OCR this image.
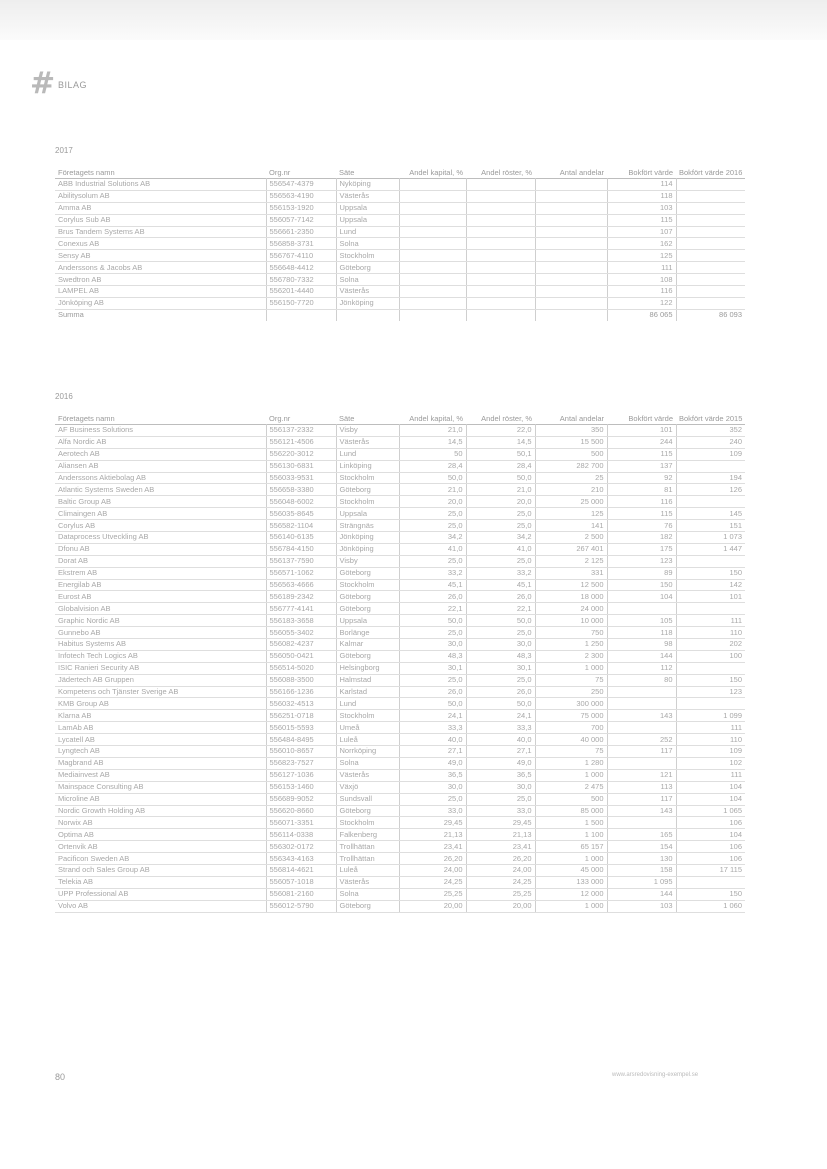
# BILAG
2017
Företagets namn	Org.nr	Säte	Andel kapital, %	Andel röster, %	Antal andelar	Bokfört värde	Bokfört värde 2016
ABB Industrial Solutions AB	556547-4379	Nyköping				114	
Abilitysolum AB	556563-4190	Västerås				118	
Amma AB	556153-1920	Uppsala				103	
Corylus Sub AB	556057-7142	Uppsala				115	
Brus Tandem Systems AB	556661-2350	Lund				107	
Conexus AB	556858-3731	Solna				162	
Sensy AB	556767-4110	Stockholm				125	
Anderssons & Jacobs AB	556648-4412	Göteborg				111	
Swedtron AB	556780-7332	Solna				108	
LAMPEL AB	556201-4440	Västerås				116	
Jönköping AB	556150-7720	Jönköping				122	
Summa						86 065	86 093
2016
Företagets namn	Org.nr	Säte	Andel kapital, %	Andel röster, %	Antal andelar	Bokfört värde	Bokfört värde 2015
AF Business Solutions	556137-2332	Visby	21,0	22,0	350	101	352
Alfa Nordic AB	556121-4506	Västerås	14,5	14,5	15 500	244	240
Aerotech AB	556220-3012	Lund	50	50,1	500	115	109
Aliansen AB	556130-6831	Linköping	28,4	28,4	282 700	137	
Anderssons Aktiebolag AB	556033-9531	Stockholm	50,0	50,0	25	92	194
Atlantic Systems Sweden AB	556658-3380	Göteborg	21,0	21,0	210	81	126
Baltic Group AB	556048-6002	Stockholm	20,0	20,0	25 000	116	
Climaingen AB	556035-8645	Uppsala	25,0	25,0	125	115	145
Corylus AB	556582-1104	Strängnäs	25,0	25,0	141	76	151
Dataprocess Utveckling AB	556140-6135	Jönköping	34,2	34,2	2 500	182	1 073
Dfonu AB	556784-4150	Jönköping	41,0	41,0	267 401	175	1 447
Dorat AB	556137-7590	Visby	25,0	25,0	2 125	123	
Ekstrem AB	556571-1062	Göteborg	33,2	33,2	331	89	150
Energilab AB	556563-4666	Stockholm	45,1	45,1	12 500	150	142
Eurost AB	556189-2342	Göteborg	26,0	26,0	18 000	104	101
Globalvision AB	556777-4141	Göteborg	22,1	22,1	24 000		
Graphic Nordic AB	556183-3658	Uppsala	50,0	50,0	10 000	105	111
Gunnebo AB	556055-3402	Borlänge	25,0	25,0	750	118	110
Habitus Systems AB	556082-4237	Kalmar	30,0	30,0	1 250	98	202
Infotech Tech Logics AB	556050-0421	Göteborg	48,3	48,3	2 300	144	100
ISIC Ranieri Security AB	556514-5020	Helsingborg	30,1	30,1	1 000	112	
Jädertech AB Gruppen	556088-3500	Halmstad	25,0	25,0	75	80	150
Kompetens och Tjänster Sverige AB	556166-1236	Karlstad	26,0	26,0	250		123
KMB Group AB	556032-4513	Lund	50,0	50,0	300 000		
Klarna AB	556251-0718	Stockholm	24,1	24,1	75 000	143	1 099
LamAb AB	556015-5593	Umeå	33,3	33,3	700		111
Lycatell AB	556484-8495	Luleå	40,0	40,0	40 000	252	110
Lyngtech AB	556010-8657	Norrköping	27,1	27,1	75	117	109
Magbrand AB	556823-7527	Solna	49,0	49,0	1 280		102
Mediainvest AB	556127-1036	Västerås	36,5	36,5	1 000	121	111
Mainspace Consulting AB	556153-1460	Växjö	30,0	30,0	2 475	113	104
Microline AB	556689-9052	Sundsvall	25,0	25,0	500	117	104
Nordic Growth Holding AB	556620-8660	Göteborg	33,0	33,0	85 000	143	1 065
Norwix AB	556071-3351	Stockholm	29,45	29,45	1 500		106
Optima AB	556114-0338	Falkenberg	21,13	21,13	1 100	165	104
Ortenvik AB	556302-0172	Trollhättan	23,41	23,41	65 157	154	106
Pacificon Sweden AB	556343-4163	Trollhättan	26,20	26,20	1 000	130	106
Strand och Sales Group AB	556814-4621	Luleå	24,00	24,00	45 000	158	17 115
Telekia AB	556057-1018	Västerås	24,25	24,25	133 000	1 095	
UPP Professional AB	556081-2160	Solna	25,25	25,25	12 000	144	150
Volvo AB	556012-5790	Göteborg	20,00	20,00	1 000	103	1 060
80	www.arsredovisning-exempel.se
